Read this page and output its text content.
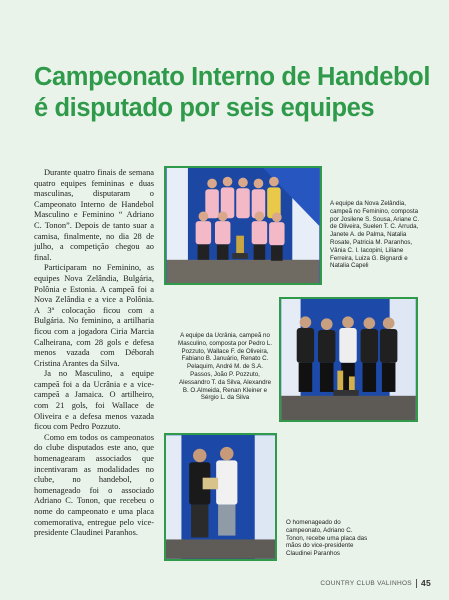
Campeonato Interno de Handebol
é disputado por seis equipes

Durante quatro finais de semana quatro equipes femininas e duas masculinas, disputaram o Campeonato Interno de Handebol Masculino e Feminino “ Adriano C. Tonon”. Depois de tanto suar a camisa, finalmente, no dia 28 de julho, a competição chegou ao final.

Participaram no Feminino, as equipes Nova Zelândia, Bulgária, Polônia e Estonia. A campeã foi a Nova Zelândia e a vice a Polônia. A 3ª colocação ficou com a Bulgária. No feminino, a artilharia ficou com a jogadora Ciria Marcia Calheirana, com 28 gols e defesa menos vazada com Déborah Cristina Arantes da Silva.

Ja no Masculino, a equipe campeã foi a da Ucrânia e a vice-campeã a Jamaica. O artilheiro, com 21 gols, foi Wallace de Oliveira e a defesa menos vazada ficou com Pedro Pozzuto.

Como em todos os campeonatos do clube disputados este ano, que homenagearam associados que incentivaram as modalidades no clube, no handebol, o homenageado foi o associado Adriano C. Tonon, que recebeu o nome do campeonato e uma placa comemorativa, entregue pelo vice-presidente Claudinei Paranhos.

A equipe da Nova Zelândia, campeã no Feminino, composta por Josilene S. Sousa, Ariane C. de Oliveira, Suelen T. C. Arruda, Janete A. de Palma, Natalia Rosate, Patricia M. Paranhos, Vânia C. I. Iacopini, Liliane Ferreira, Luiza G. Bignardi e Natalia Capeli
A equipe da Ucrânia, campeã no Masculino, composta por Pedro L. Pozzuto, Wallace F. de Oliveira, Fabiano B. Januário, Renato C. Pelaquim, André M. de S.A. Passos, João P. Pozzuto, Alessandro T. da Silva, Alexandre B. O.Almeida, Renan Kleiner e Sérgio L. da Silva
O homenageado do campeonato, Adriano C. Tonon, recebe uma placa das mãos do vice-presidente Claudinei Paranhos
COUNTRY CLUB VALINHOS 45
